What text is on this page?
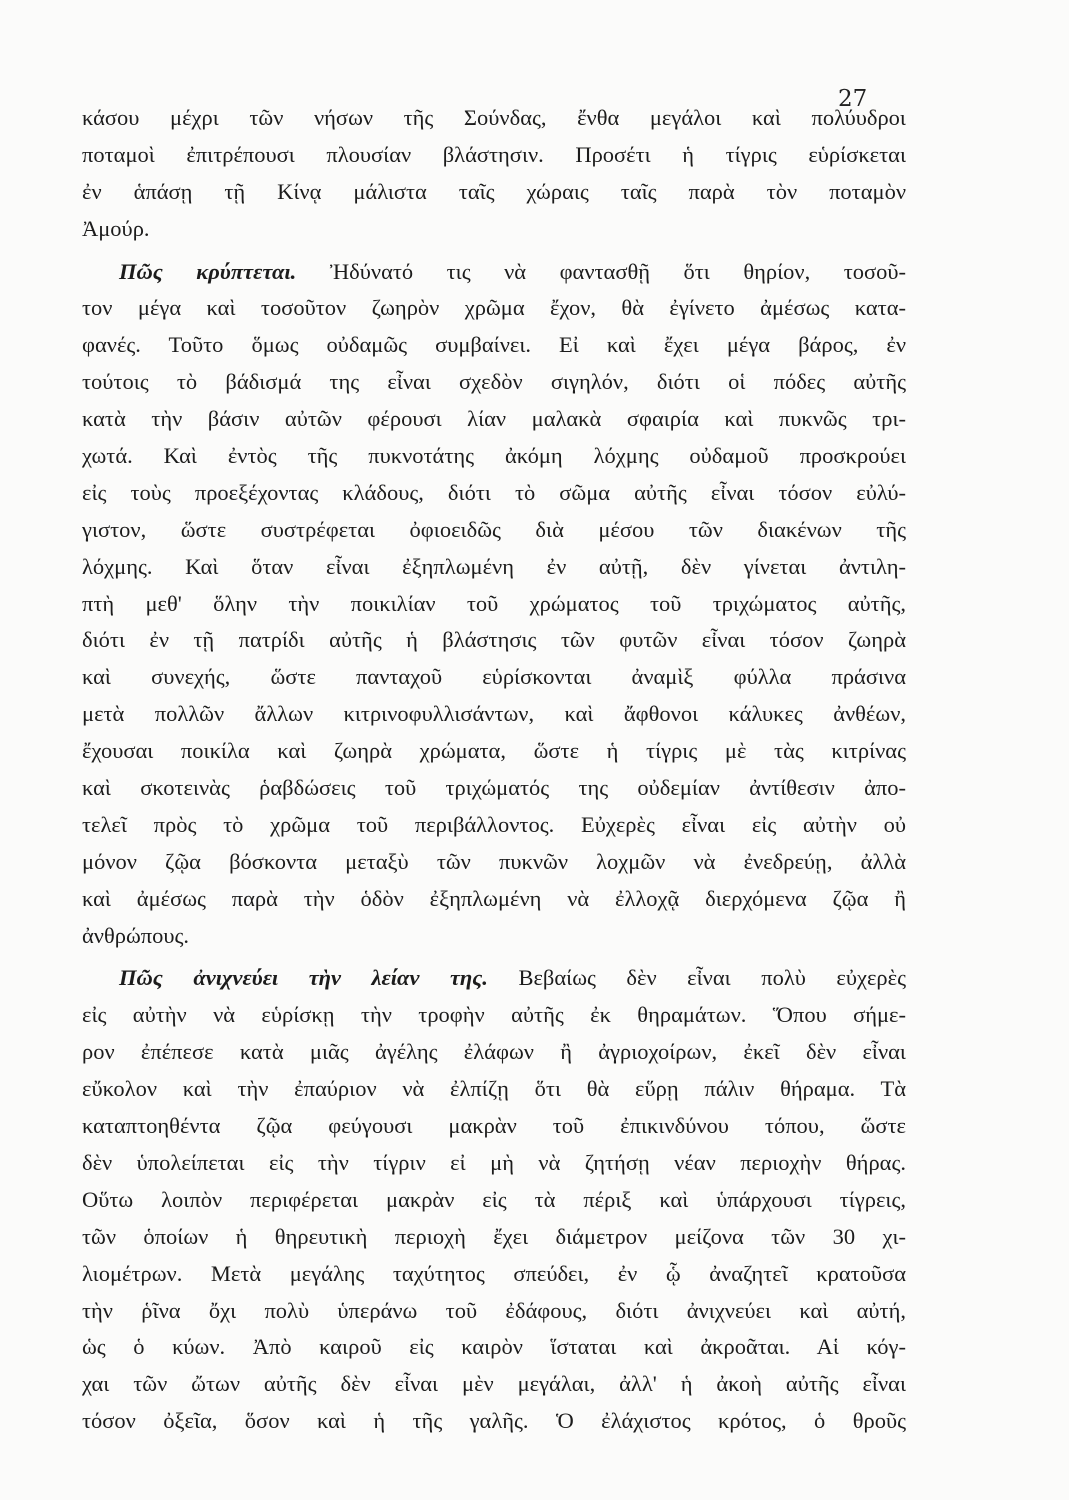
27
κάσου μέχρι τῶν νήσων τῆς Σούνδας, ἔνθα μεγάλοι καὶ πολύυδροι
ποταμοὶ ἐπιτρέπουσι πλουσίαν βλάστησιν. Προσέτι ἡ τίγρις εὑρίσκεται
ἐν ἁπάσῃ τῇ Κίνᾳ μάλιστα ταῖς χώραις ταῖς παρὰ τὸν ποταμὸν
Ἀμούρ.
Πῶς κρύπτεται. Ἠδύνατό τις νὰ φαντασθῇ ὅτι θηρίον, τοσοῦ-
τον μέγα καὶ τοσοῦτον ζωηρὸν χρῶμα ἔχον, θὰ ἐγίνετο ἀμέσως κατα-
φανές. Τοῦτο ὅμως οὐδαμῶς συμβαίνει. Εἰ καὶ ἔχει μέγα βάρος, ἐν
τούτοις τὸ βάδισμά της εἶναι σχεδὸν σιγηλόν, διότι οἱ πόδες αὐτῆς
κατὰ τὴν βάσιν αὐτῶν φέρουσι λίαν μαλακὰ σφαιρία καὶ πυκνῶς τρι-
χωτά. Καὶ ἐντὸς τῆς πυκνοτάτης ἀκόμη λόχμης οὐδαμοῦ προσκρούει
εἰς τοὺς προεξέχοντας κλάδους, διότι τὸ σῶμα αὐτῆς εἶναι τόσον εὐλύ-
γιστον, ὥστε συστρέφεται ὀφιοειδῶς διὰ μέσου τῶν διακένων τῆς
λόχμης. Καὶ ὅταν εἶναι ἐξηπλωμένη ἐν αὐτῇ, δὲν γίνεται ἀντιλη-
πτὴ μεθ' ὅλην τὴν ποικιλίαν τοῦ χρώματος τοῦ τριχώματος αὐτῆς,
διότι ἐν τῇ πατρίδι αὐτῆς ἡ βλάστησις τῶν φυτῶν εἶναι τόσον ζωηρὰ
καὶ συνεχής, ὥστε πανταχοῦ εὑρίσκονται ἀναμὶξ φύλλα πράσινα
μετὰ πολλῶν ἄλλων κιτρινοφυλλισάντων, καὶ ἄφθονοι κάλυκες ἀνθέων,
ἔχουσαι ποικίλα καὶ ζωηρὰ χρώματα, ὥστε ἡ τίγρις μὲ τὰς κιτρίνας
καὶ σκοτεινὰς ῥαβδώσεις τοῦ τριχώματός της οὐδεμίαν ἀντίθεσιν ἀπο-
τελεῖ πρὸς τὸ χρῶμα τοῦ περιβάλλοντος. Εὐχερὲς εἶναι εἰς αὐτὴν οὐ
μόνον ζῷα βόσκοντα μεταξὺ τῶν πυκνῶν λοχμῶν νὰ ἐνεδρεύῃ, ἀλλὰ
καὶ ἀμέσως παρὰ τὴν ὁδὸν ἐξηπλωμένη νὰ ἐλλοχᾷ διερχόμενα ζῷα ἢ
ἀνθρώπους.
Πῶς ἀνιχνεύει τὴν λείαν της. Βεβαίως δὲν εἶναι πολὺ εὐχερὲς
εἰς αὐτὴν νὰ εὑρίσκῃ τὴν τροφὴν αὐτῆς ἐκ θηραμάτων. Ὅπου σήμε-
ρον ἐπέπεσε κατὰ μιᾶς ἀγέλης ἐλάφων ἢ ἀγριοχοίρων, ἐκεῖ δὲν εἶναι
εὔκολον καὶ τὴν ἐπαύριον νὰ ἐλπίζῃ ὅτι θὰ εὕρῃ πάλιν θήραμα. Τὰ
καταπτοηθέντα ζῷα φεύγουσι μακρὰν τοῦ ἐπικινδύνου τόπου, ὥστε
δὲν ὑπολείπεται εἰς τὴν τίγριν εἰ μὴ νὰ ζητήσῃ νέαν περιοχὴν θήρας.
Οὕτω λοιπὸν περιφέρεται μακρὰν εἰς τὰ πέριξ καὶ ὑπάρχουσι τίγρεις,
τῶν ὁποίων ἡ θηρευτικὴ περιοχὴ ἔχει διάμετρον μείζονα τῶν 30 χι-
λιομέτρων. Μετὰ μεγάλης ταχύτητος σπεύδει, ἐν ᾧ ἀναζητεῖ κρατοῦσα
τὴν ῥῖνα ὄχι πολὺ ὑπεράνω τοῦ ἐδάφους, διότι ἀνιχνεύει καὶ αὐτή,
ὡς ὁ κύων. Ἀπὸ καιροῦ εἰς καιρὸν ἵσταται καὶ ἀκροᾶται. Αἱ κόγ-
χαι τῶν ὤτων αὐτῆς δὲν εἶναι μὲν μεγάλαι, ἀλλ' ἡ ἀκοὴ αὐτῆς εἶναι
τόσον ὀξεῖα, ὅσον καὶ ἡ τῆς γαλῆς. Ὁ ἐλάχιστος κρότος, ὁ θροῦς
